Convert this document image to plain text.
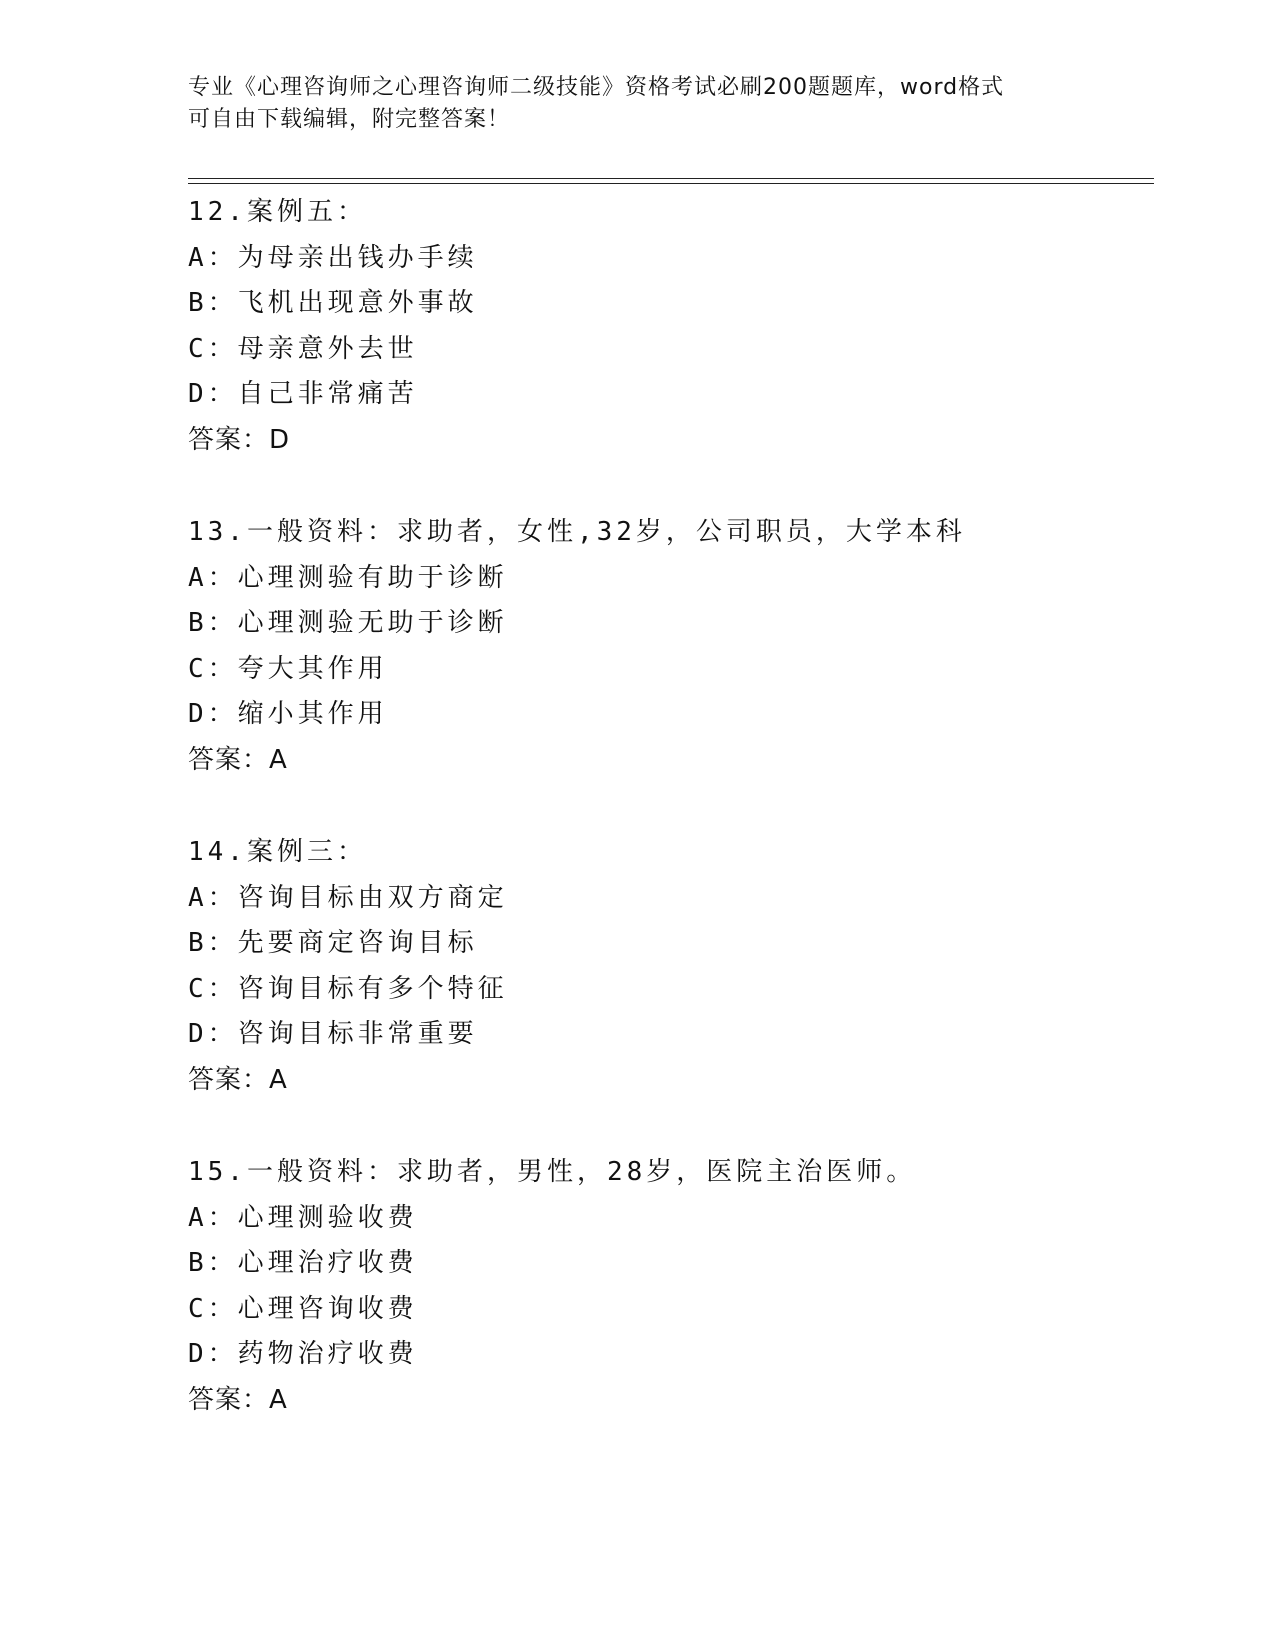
专业《心理咨询师之心理咨询师二级技能》资格考试必刷200题题库，word格式
可自由下载编辑，附完整答案！
12.案例五：
A：为母亲出钱办手续
B：飞机出现意外事故
C：母亲意外去世
D：自己非常痛苦
答案：D
13.一般资料：求助者，女性,32岁，公司职员，大学本科
A：心理测验有助于诊断
B：心理测验无助于诊断
C：夸大其作用
D：缩小其作用
答案：A
14.案例三：
A：咨询目标由双方商定
B：先要商定咨询目标
C：咨询目标有多个特征
D：咨询目标非常重要
答案：A
15.一般资料：求助者，男性，28岁，医院主治医师。
A：心理测验收费
B：心理治疗收费
C：心理咨询收费
D：药物治疗收费
答案：A
